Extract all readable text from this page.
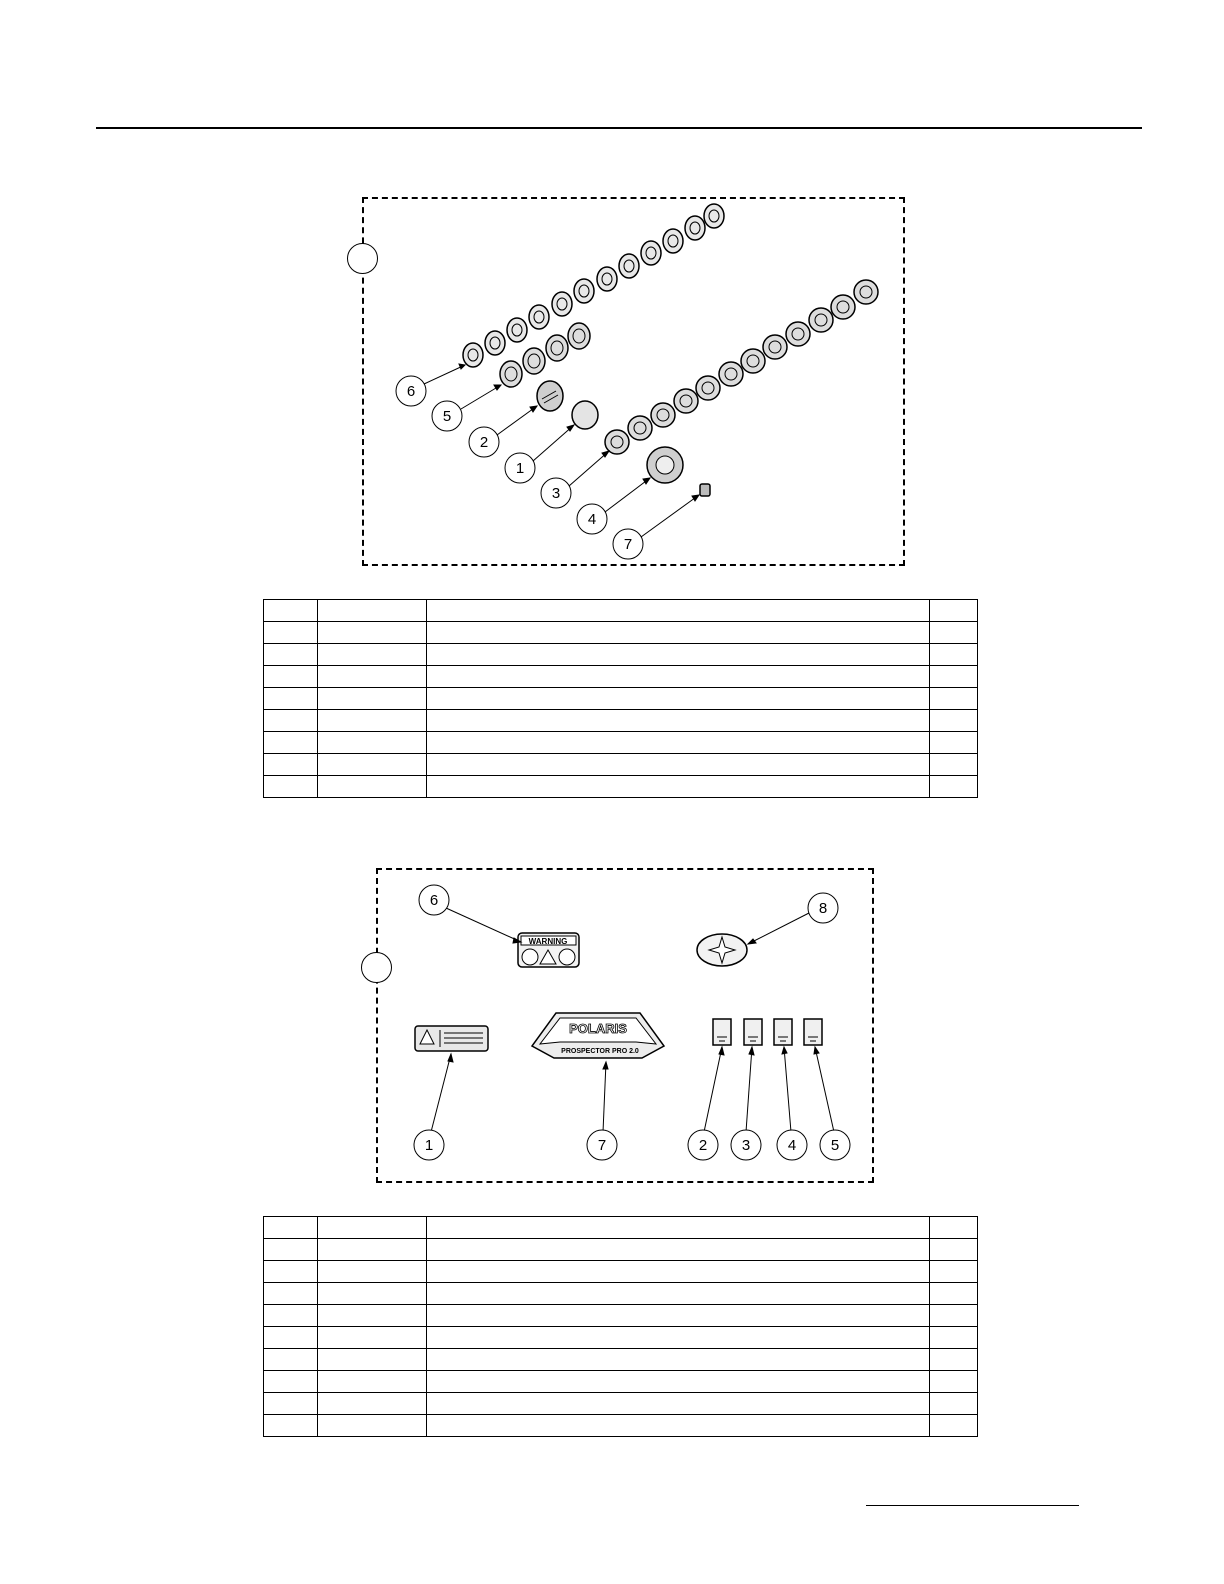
6
5
2
1
3
4
7

WARNING
POLARIS
PROSPECTOR PRO 2.0
6	8
1	7	2 3	4 5
